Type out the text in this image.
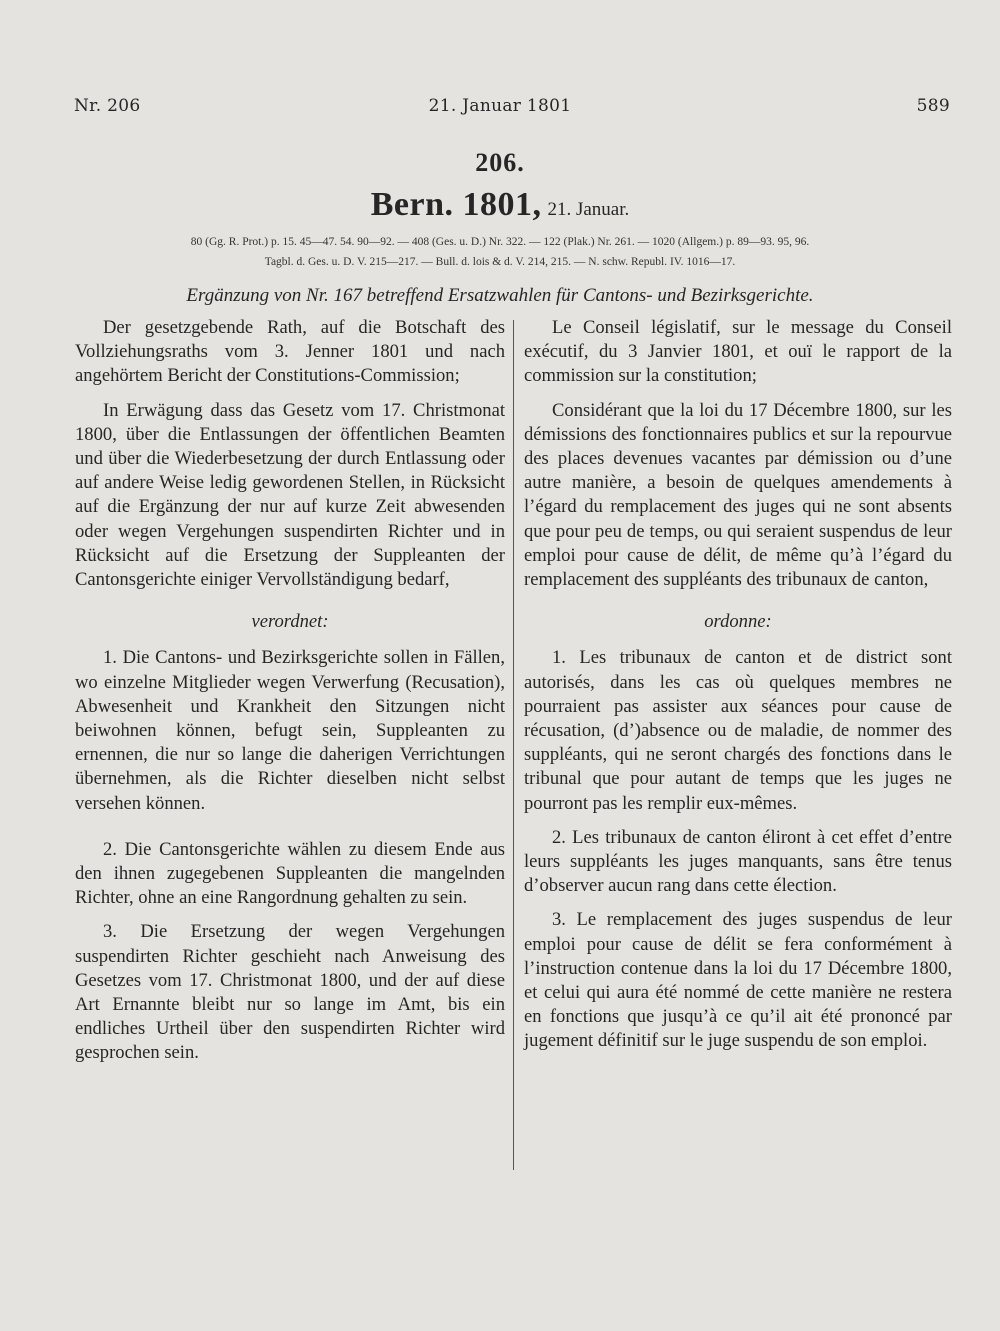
Nr. 206	21. Januar 1801	589
206.
Bern. 1801, 21. Januar.
80 (Gg. R. Prot.) p. 15. 45—47. 54. 90—92. — 408 (Ges. u. D.) Nr. 322. — 122 (Plak.) Nr. 261. — 1020 (Allgem.) p. 89—93. 95, 96.
Tagbl. d. Ges. u. D. V. 215—217. — Bull. d. lois & d. V. 214, 215. — N. schw. Republ. IV. 1016—17.
Ergänzung von Nr. 167 betreffend Ersatzwahlen für Cantons- und Bezirksgerichte.

Der gesetzgebende Rath, auf die Botschaft des Vollziehungsraths vom 3. Jenner 1801 und nach angehörtem Bericht der Constitutions-Commission;

In Erwägung dass das Gesetz vom 17. Christmonat 1800, über die Entlassungen der öffentlichen Beamten und über die Wiederbesetzung der durch Entlassung oder auf andere Weise ledig gewordenen Stellen, in Rücksicht auf die Ergänzung der nur auf kurze Zeit abwesenden oder wegen Vergehungen suspendirten Richter und in Rücksicht auf die Ersetzung der Suppleanten der Cantonsgerichte einiger Vervollständigung bedarf,

verordnet:

1. Die Cantons- und Bezirksgerichte sollen in Fällen, wo einzelne Mitglieder wegen Verwerfung (Recusation), Abwesenheit und Krankheit den Sitzungen nicht beiwohnen können, befugt sein, Suppleanten zu ernennen, die nur so lange die daherigen Verrichtungen übernehmen, als die Richter dieselben nicht selbst versehen können.

2. Die Cantonsgerichte wählen zu diesem Ende aus den ihnen zugegebenen Suppleanten die mangelnden Richter, ohne an eine Rangordnung gehalten zu sein.

3. Die Ersetzung der wegen Vergehungen suspendirten Richter geschieht nach Anweisung des Gesetzes vom 17. Christmonat 1800, und der auf diese Art Ernannte bleibt nur so lange im Amt, bis ein endliches Urtheil über den suspendirten Richter wird gesprochen sein.

Le Conseil législatif, sur le message du Conseil exécutif, du 3 Janvier 1801, et ouï le rapport de la commission sur la constitution;

Considérant que la loi du 17 Décembre 1800, sur les démissions des fonctionnaires publics et sur la repourvue des places devenues vacantes par démission ou d’une autre manière, a besoin de quelques amendements à l’égard du remplacement des juges qui ne sont absents que pour peu de temps, ou qui seraient suspendus de leur emploi pour cause de délit, de même qu’à l’égard du remplacement des suppléants des tribunaux de canton,

ordonne:

1. Les tribunaux de canton et de district sont autorisés, dans les cas où quelques membres ne pourraient pas assister aux séances pour cause de récusation, (d’)absence ou de maladie, de nommer des suppléants, qui ne seront chargés des fonctions dans le tribunal que pour autant de temps que les juges ne pourront pas les remplir eux-mêmes.

2. Les tribunaux de canton éliront à cet effet d’entre leurs suppléants les juges manquants, sans être tenus d’observer aucun rang dans cette élection.

3. Le remplacement des juges suspendus de leur emploi pour cause de délit se fera conformément à l’instruction contenue dans la loi du 17 Décembre 1800, et celui qui aura été nommé de cette manière ne restera en fonctions que jusqu’à ce qu’il ait été prononcé par jugement définitif sur le juge suspendu de son emploi.
